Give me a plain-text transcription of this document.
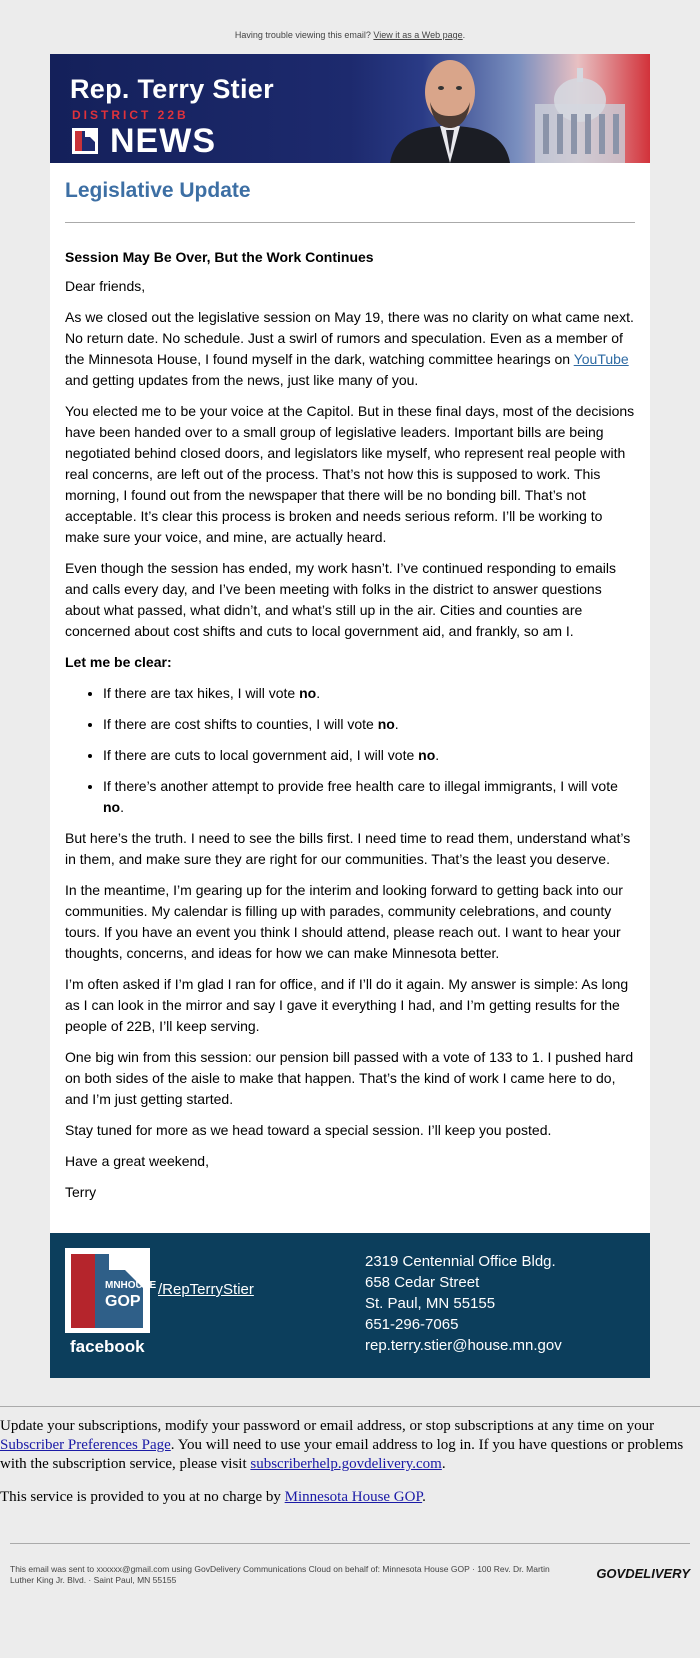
Having trouble viewing this email? View it as a Web page.
Rep. Terry Stier
DISTRICT 22B
NEWS
Legislative Update
Session May Be Over, But the Work Continues

Dear friends,

As we closed out the legislative session on May 19, there was no clarity on what came next. No return date. No schedule. Just a swirl of rumors and speculation. Even as a member of the Minnesota House, I found myself in the dark, watching committee hearings on YouTube and getting updates from the news, just like many of you.

You elected me to be your voice at the Capitol. But in these final days, most of the decisions have been handed over to a small group of legislative leaders. Important bills are being negotiated behind closed doors, and legislators like myself, who represent real people with real concerns, are left out of the process. That’s not how this is supposed to work. This morning, I found out from the newspaper that there will be no bonding bill. That’s not acceptable. It’s clear this process is broken and needs serious reform. I’ll be working to make sure your voice, and mine, are actually heard.

Even though the session has ended, my work hasn’t. I’ve continued responding to emails and calls every day, and I’ve been meeting with folks in the district to answer questions about what passed, what didn’t, and what’s still up in the air. Cities and counties are concerned about cost shifts and cuts to local government aid, and frankly, so am I.

Let me be clear:

• If there are tax hikes, I will vote no.
• If there are cost shifts to counties, I will vote no.
• If there are cuts to local government aid, I will vote no.
• If there’s another attempt to provide free health care to illegal immigrants, I will vote no.

But here’s the truth. I need to see the bills first. I need time to read them, understand what’s in them, and make sure they are right for our communities. That’s the least you deserve.

In the meantime, I’m gearing up for the interim and looking forward to getting back into our communities. My calendar is filling up with parades, community celebrations, and county tours. If you have an event you think I should attend, please reach out. I want to hear your thoughts, concerns, and ideas for how we can make Minnesota better.

I’m often asked if I’m glad I ran for office, and if I’ll do it again. My answer is simple: As long as I can look in the mirror and say I gave it everything I had, and I’m getting results for the people of 22B, I’ll keep serving.

One big win from this session: our pension bill passed with a vote of 133 to 1. I pushed hard on both sides of the aisle to make that happen. That’s the kind of work I came here to do, and I’m just getting started.

Stay tuned for more as we head toward a special session. I’ll keep you posted.

Have a great weekend,

Terry

MNHOUSE
GOP
facebook
/RepTerryStier
2319 Centennial Office Bldg.
658 Cedar Street
St. Paul, MN 55155
651-296-7065
rep.terry.stier@house.mn.gov

Update your subscriptions, modify your password or email address, or stop subscriptions at any time on your Subscriber Preferences Page. You will need to use your email address to log in. If you have questions or problems with the subscription service, please visit subscriberhelp.govdelivery.com.

This service is provided to you at no charge by Minnesota House GOP.

This email was sent to xxxxxx@gmail.com using GovDelivery Communications Cloud on behalf of: Minnesota House GOP · 100 Rev. Dr. Martin Luther King Jr. Blvd. · Saint Paul, MN 55155	GOVDELIVERY
